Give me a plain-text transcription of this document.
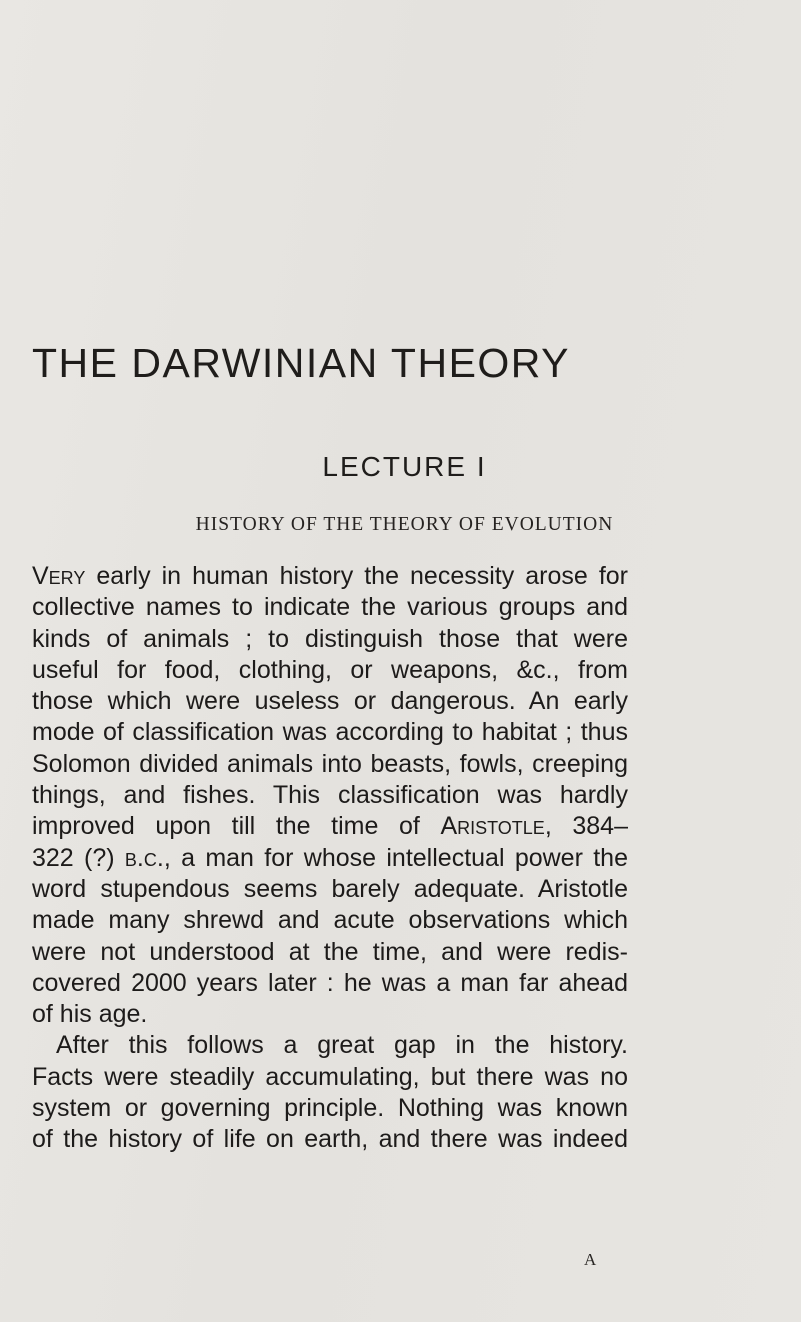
THE DARWINIAN THEORY
LECTURE I
HISTORY OF THE THEORY OF EVOLUTION
Very early in human history the necessity arose for
collective names to indicate the various groups and
kinds of animals ; to distinguish those that were
useful for food, clothing, or weapons, &c., from
those which were useless or dangerous. An early
mode of classification was according to habitat ; thus
Solomon divided animals into beasts, fowls, creeping
things, and fishes. This classification was hardly
improved upon till the time of Aristotle, 384–
322 (?) b.c., a man for whose intellectual power the
word stupendous seems barely adequate. Aristotle
made many shrewd and acute observations which
were not understood at the time, and were redis-
covered 2000 years later : he was a man far ahead
of his age.
After this follows a great gap in the history.
Facts were steadily accumulating, but there was no
system or governing principle. Nothing was known
of the history of life on earth, and there was indeed

A
